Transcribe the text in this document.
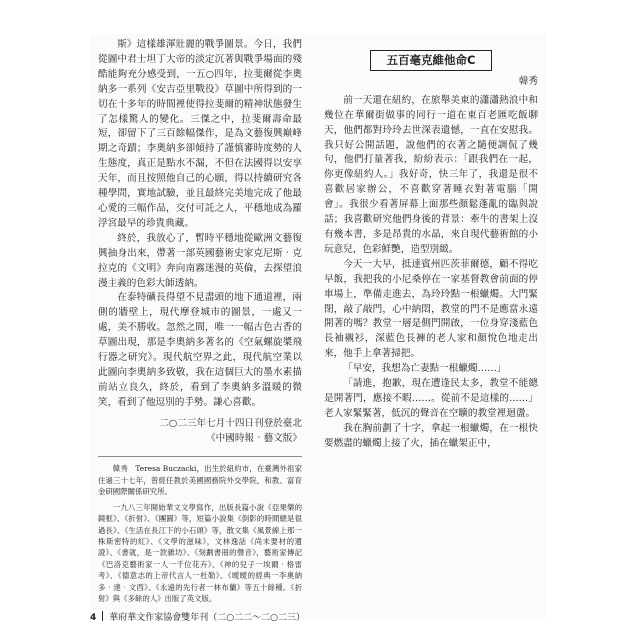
斯》這樣雄渾壯麗的戰爭圖景。今日，我們從圖中君士坦丁大帝的淡定沉著與戰爭場面的殘酷能夠充分感受到，一五○四年，拉斐爾從李奧納多一系列《安吉亞里戰役》草圖中所得到的一切在十多年的時間裡使得拉斐爾的精神狀態發生了怎樣驚人的變化。三傑之中，拉斐爾壽命最短，卻留下了三百餘幅傑作，是為文藝復興巔峰期之奇蹟；李奧納多卻傾持了謹慎審時度勢的人生態度，真正是點水不漏，不但在法國得以安享天年，而且按照他自己的心願，得以持續研究各種學問，實地試驗，並且最終完美地完成了他最心愛的三幅作品，交付可託之人，平穩地成為羅浮宮最早的珍貴典藏。

終於，我放心了，暫時平穩地從歐洲文藝復興抽身出來，帶著一部英國藝術史家克尼斯‧克拉克的《文明》奔向南霧迷漫的英倫，去探望浪漫主義的色彩大師透納。

在泰特礦長得望不見盡頭的地下通道裡，兩側的牆壁上，現代摩登城市的圖景，一處又一處，美不勝收。忽然之間，唯一一幅古色古香的草圖出現，那是李奧納多著名的《空氣螺旋槳飛行器之研究》。現代航空界之此，現代航空業以此圖向李奧納多致敬，我在這個巨大的墨水素描前站立良久，終於，看到了李奧納多溫暖的微笑，看到了他逗別的手勢。謙心喜歡。

二○二三年七月十四日刊登於臺北
《中國時報‧藝文版》

韓秀　Teresa Buczacki，出生於紐約市，在臺灣外祖家住過三十七年，曾經任教於美國國務院外交學院，和教、富育金研國際關係研究所。

一九八三年開始華文文學寫作，出版長篇小說《亞果樂的鏡框》、《折射》、《團圓》等，短篇小說集《倒影的時間總是很過長》、《生活在長江下的小石頭》等，散文集《風景線上那一株斯密特的紅》、《文學的滋味》，文林逸話《尚未要材的遺證》、《書就，是一款雜坊》、《刻劃書冊的聲音》，藝術家傳記《巴洛克藝術家一人一千位花卉》、《神的兒子一埃爾‧格雷考》、《德意志的上帝代言人一杜勒》、《曖曖的經典一李奧納多‧達‧文西》、《永遠的先行者一林布蘭》等五十餘種。《折射》與《多餘的人》出版了英文版。

五百毫克維他命C
韓秀

前一天還在紐約，在旅舉美東的瀟瀟熱浪中和幾位在華爾街做事的同行一道在東百老匯吃飯聊天，他們都對玲玲去世深表遺憾，一直在安慰我。我只好公開話題，說他們的衣著之隨便調侃了幾句，他們打量著我，紛紛表示：「跟我們在一起，你更像紐約人。」我好奇，快三年了，我還是很不喜歡居家辦公，不喜歡穿著睡衣對著電腦「開會」。我很少看著屏幕上面那些顏鬆蓬亂的臨與說話；我喜歡研究他們身後的背景：牽牛的書架上沒有幾本書，多是昂貴的水晶，來自現代藝術館的小玩意兒，色彩鮮艷，造型別緻。

今天一大早，抵達賓州匹茨菲爾德，顧不得吃早飯，我把我的小尼桑停在一家基督教會前面的停車場上，準備走進去，為玲玲點一根蠟燭。大門緊閉，敲了敲門，心中納悶，教堂的門不是應當永遠開著的嗎？教堂一層是側門開啟，一位身穿淺藍色長袖襯衫，深藍色長褲的老人家和顏悅色地走出來，他手上拿著掃把。

「早安，我想為亡妻點一根蠟燭……」

「請進，抱歉，現在遭逢民太多，教堂不能總是開著門，應接不暇……。從前不是這樣的……」老人家緊緊著，低沉的聲音在空曠的教堂裡迴盪。

我在胸前劃了十字，拿起一根蠟燭，在一根快要燃盡的蠟燭上接了火，插在蠟架正中，

4 華府華文作家協會雙年刊（二○二二～二○二三）
